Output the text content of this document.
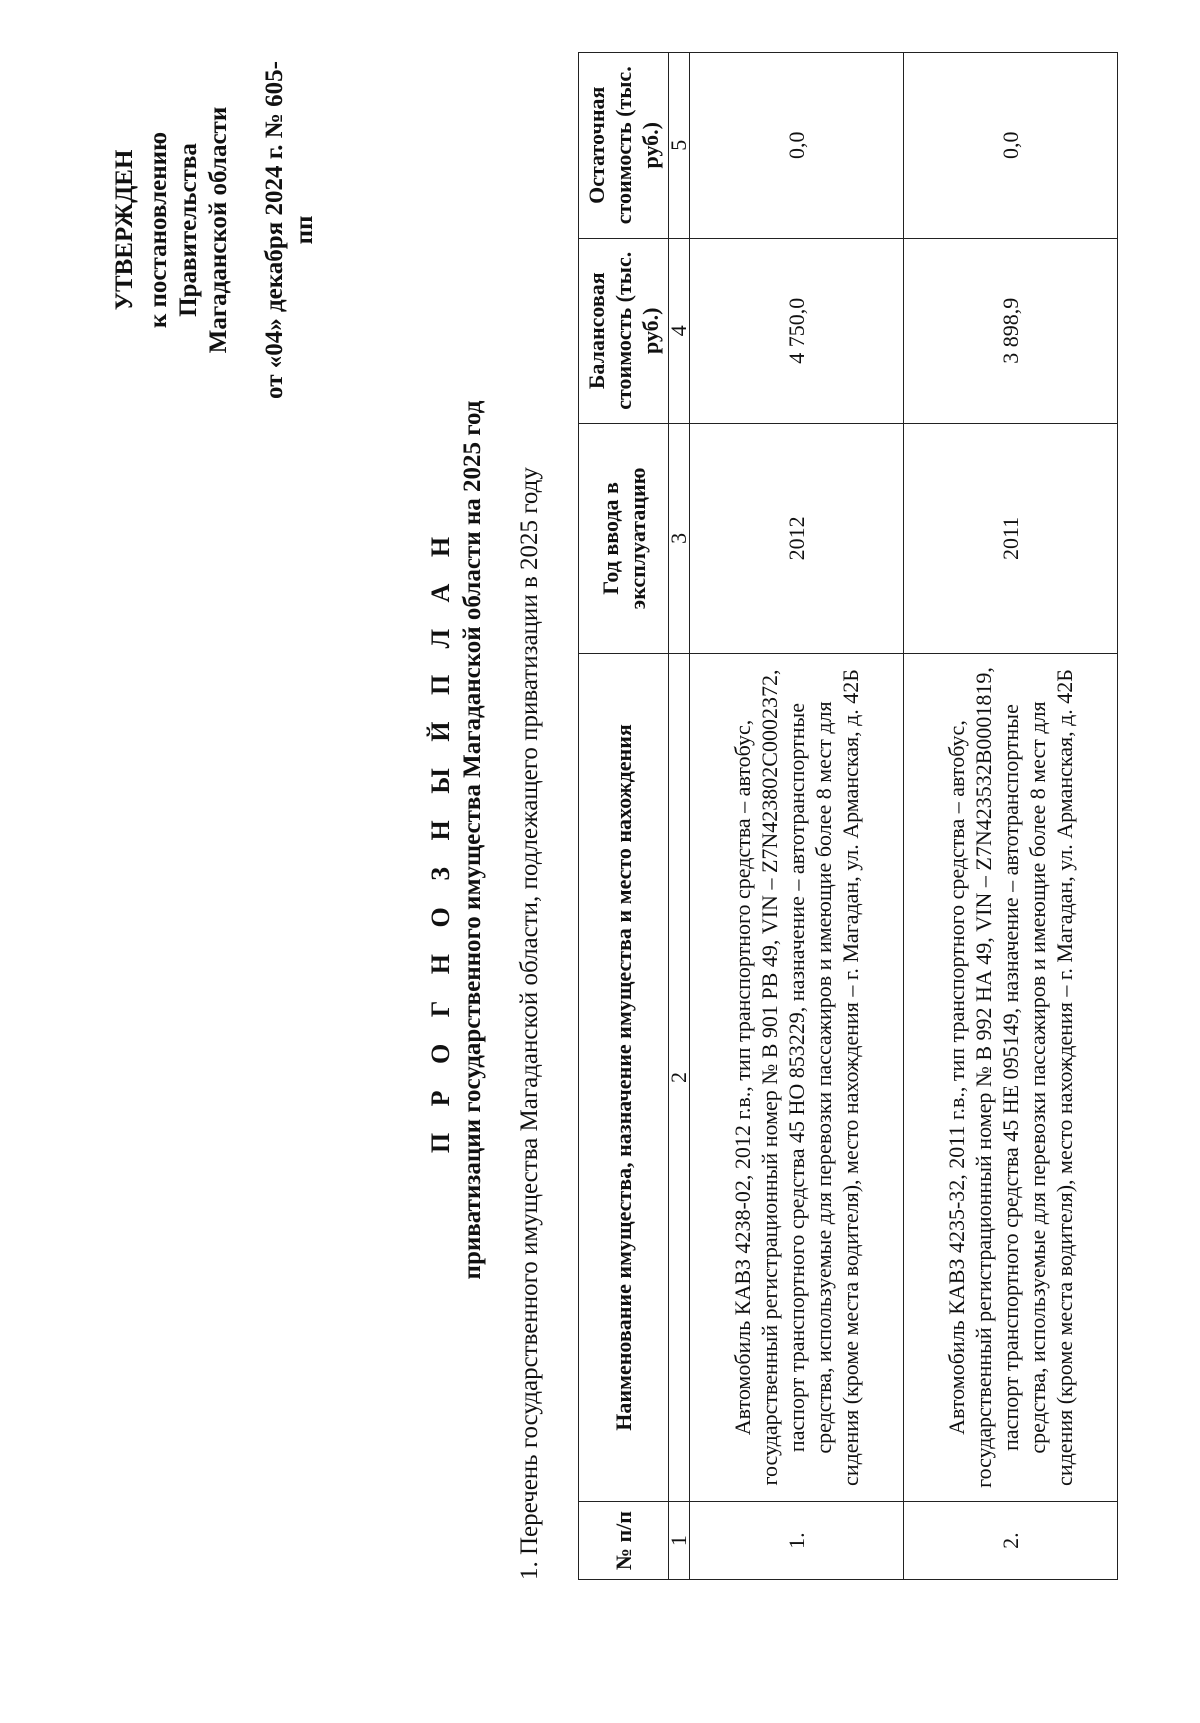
УТВЕРЖДЕН к постановлению Правительства Магаданской области от «04» декабря 2024 г. № 605-пп
П Р О Г Н О З Н Ы Й П Л А Н приватизации государственного имущества Магаданской области на 2025 год 1. Перечень государственного имущества Магаданской области, подлежащего приватизации в 2025 году	№ п/п	Наименование имущества, назначение имущества и место нахождения	Год ввода в эксплуатацию	Балансовая стоимость (тыс. руб.)	Остаточная стоимость (тыс. руб.)
1	2	3	4	5
1.	Автомобиль КАВЗ 4238-02, 2012 г.в., тип транспортного средства – автобус, государственный регистрационный номер № В 901 РВ 49, VIN – Z7N423802C0002372, паспорт транспортного средства 45 НО 853229, назначение – автотранспортные средства, используемые для перевозки пассажиров и имеющие более 8 мест для сидения (кроме места водителя), место нахождения – г. Магадан, ул. Арманская, д. 42Б	2012	4 750,0	0,0
2.	Автомобиль КАВЗ 4235-32, 2011 г.в., тип транспортного средства – автобус, государственный регистрационный номер № В 992 НА 49, VIN – Z7N423532B0001819, паспорт транспортного средства 45 НЕ 095149, назначение – автотранспортные средства, используемые для перевозки пассажиров и имеющие более 8 мест для сидения (кроме места водителя), место нахождения – г. Магадан, ул. Арманская, д. 42Б	2011	3 898,9	0,0
